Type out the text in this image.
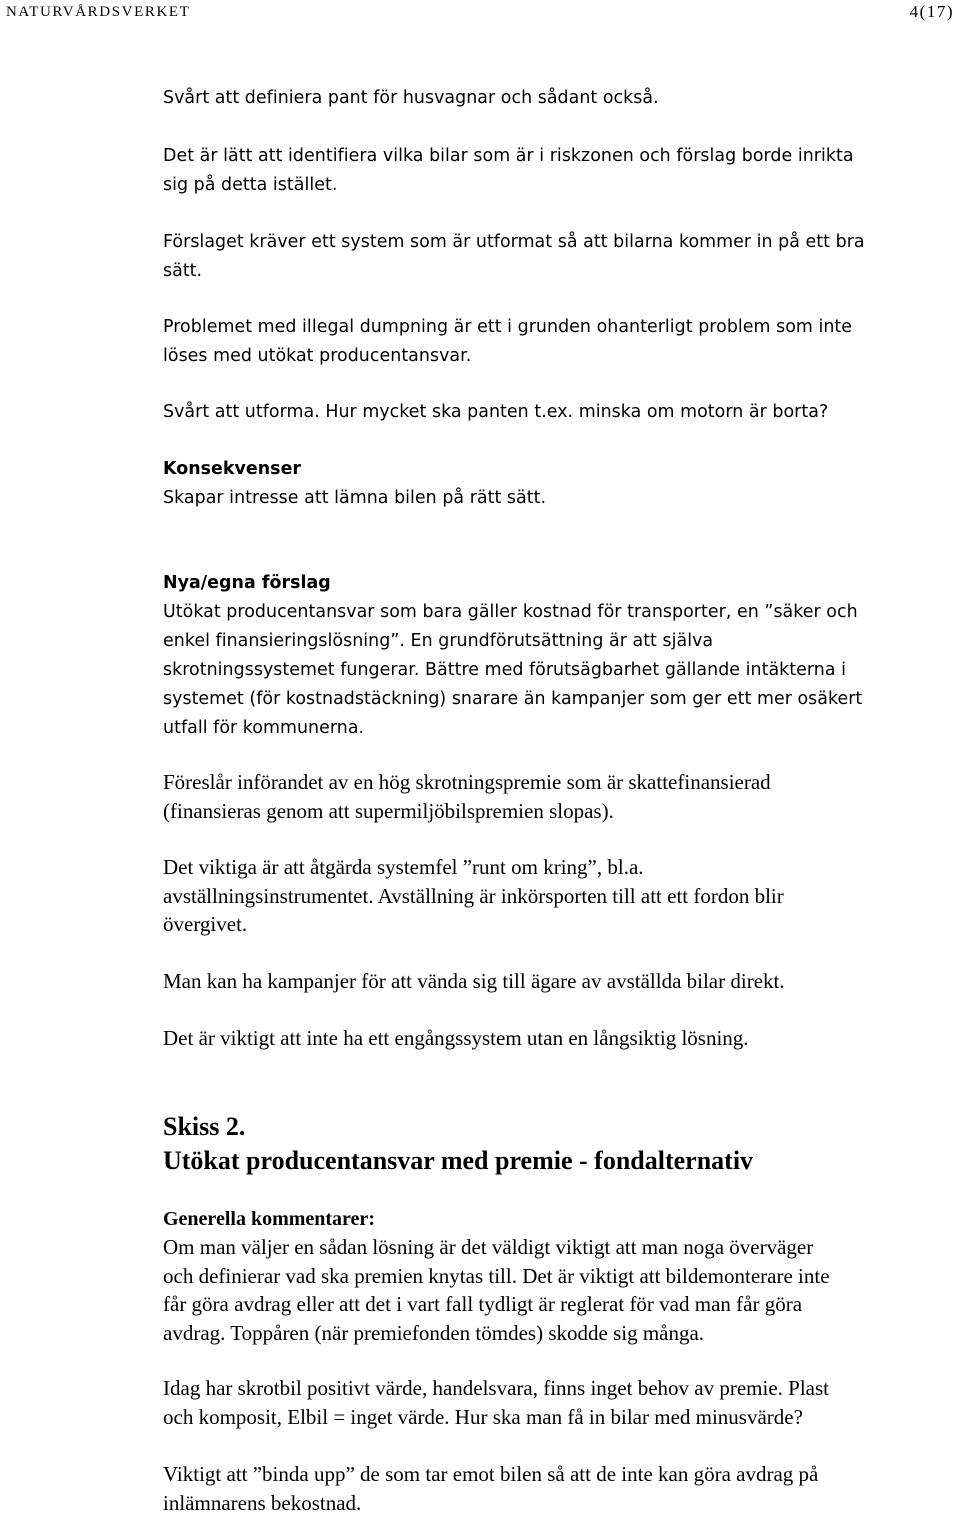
NATURVÅRDSVERKET	4(17)
Svårt att definiera pant för husvagnar och sådant också.
Det är lätt att identifiera vilka bilar som är i riskzonen och förslag borde inrikta
sig på detta istället.
Förslaget kräver ett system som är utformat så att bilarna kommer in på ett bra
sätt.
Problemet med illegal dumpning är ett i grunden ohanterligt problem som inte
löses med utökat producentansvar.
Svårt att utforma. Hur mycket ska panten t.ex. minska om motorn är borta?
Konsekvenser
Skapar intresse att lämna bilen på rätt sätt.
Nya/egna förslag
Utökat producentansvar som bara gäller kostnad för transporter, en ”säker och
enkel finansieringslösning”. En grundförutsättning är att själva
skrotningssystemet fungerar. Bättre med förutsägbarhet gällande intäkterna i
systemet (för kostnadstäckning) snarare än kampanjer som ger ett mer osäkert
utfall för kommunerna.
Föreslår införandet av en hög skrotningspremie som är skattefinansierad
(finansieras genom att supermiljöbilspremien slopas).
Det viktiga är att åtgärda systemfel ”runt om kring”, bl.a.
avställningsinstrumentet. Avställning är inkörsporten till att ett fordon blir
övergivet.
Man kan ha kampanjer för att vända sig till ägare av avställda bilar direkt.
Det är viktigt att inte ha ett engångssystem utan en långsiktig lösning.
Skiss 2.
Utökat producentansvar med premie - fondalternativ
Generella kommentarer:
Om man väljer en sådan lösning är det väldigt viktigt att man noga överväger
och definierar vad ska premien knytas till. Det är viktigt att bildemonterare inte
får göra avdrag eller att det i vart fall tydligt är reglerat för vad man får göra
avdrag. Toppåren (när premiefonden tömdes) skodde sig många.
Idag har skrotbil positivt värde, handelsvara, finns inget behov av premie. Plast
och komposit, Elbil = inget värde. Hur ska man få in bilar med minusvärde?
Viktigt att ”binda upp” de som tar emot bilen så att de inte kan göra avdrag på
inlämnarens bekostnad.
